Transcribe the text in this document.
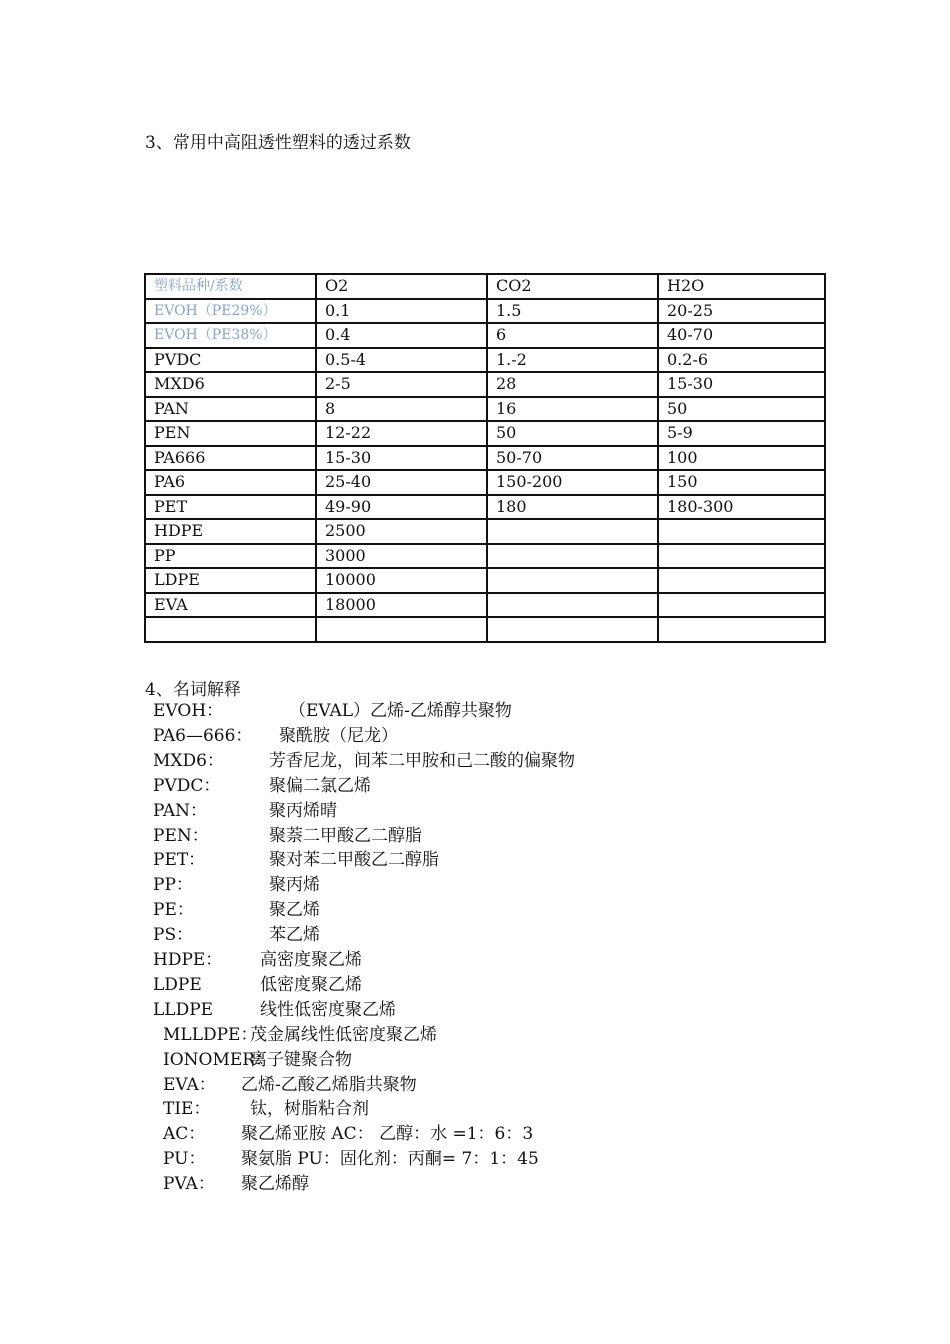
3、常用中高阻透性塑料的透过系数
塑料品种/系数	O2	CO2	H2O
EVOH（PE29%）	0.1	1.5	20-25
EVOH（PE38%）	0.4	6	40-70
PVDC	0.5-4	1.-2	0.2-6
MXD6	2-5	28	15-30
PAN	8	16	50
PEN	12-22	50	5-9
PA666	15-30	50-70	100
PA6	25-40	150-200	150
PET	49-90	180	180-300
HDPE	2500		
PP	3000		
LDPE	10000		
EVA	18000		

4、名词解释
EVOH：	（EVAL）乙烯-乙烯醇共聚物
PA6—666： 聚酰胺（尼龙）
MXD6：	芳香尼龙，间苯二甲胺和己二酸的偏聚物
PVDC：	聚偏二氯乙烯
PAN：	聚丙烯晴
PEN：	聚萘二甲酸乙二醇脂
PET：	聚对苯二甲酸乙二醇脂
PP：	聚丙烯
PE：	聚乙烯
PS：	苯乙烯
HDPE： 高密度聚乙烯
LDPE	低密度聚乙烯
LLDPE	线性低密度聚乙烯
MLLDPE：
茂金属线性低密度聚乙烯
IONOMER：
离子键聚合物
EVA： 乙烯-乙酸乙烯脂共聚物
TIE： 钛，树脂粘合剂
AC： 聚乙烯亚胺 AC： 乙醇：水 =1：6：3
PU： 聚氨脂 PU：固化剂：丙酮= 7：1：45
PVA： 聚乙烯醇
